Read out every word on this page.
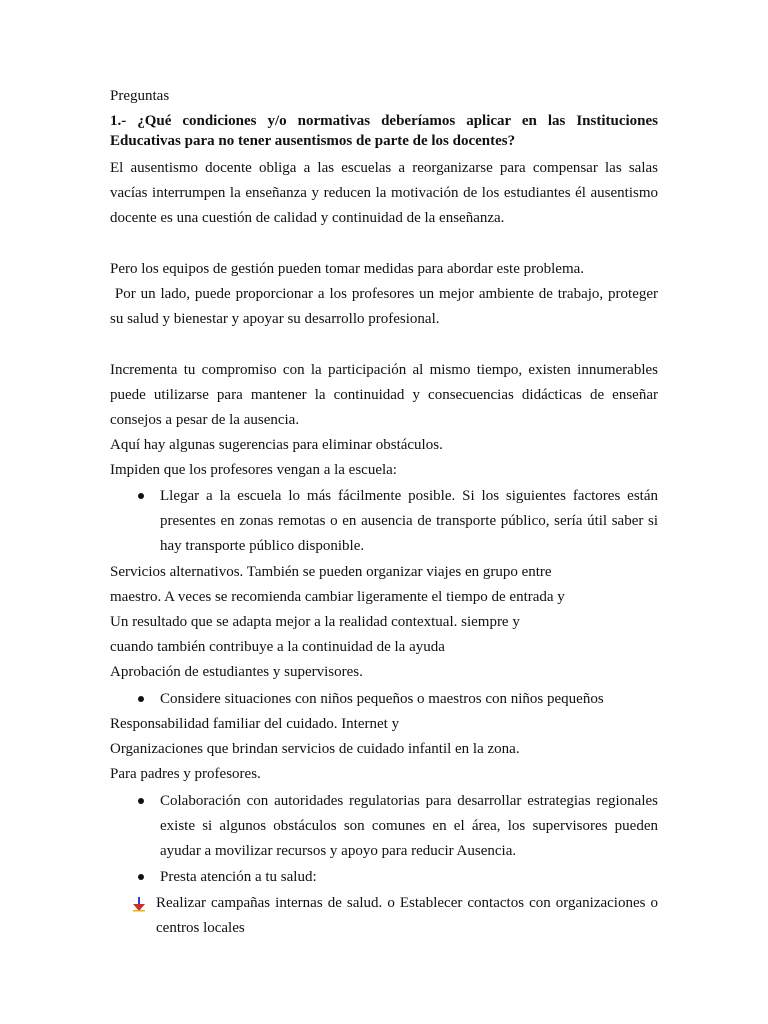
Preguntas
1.- ¿Qué condiciones y/o normativas deberíamos aplicar en las Instituciones Educativas para no tener ausentismos de parte de los docentes?
El ausentismo docente obliga a las escuelas a reorganizarse para compensar las salas vacías interrumpen la enseñanza y reducen la motivación de los estudiantes él ausentismo docente es una cuestión de calidad y continuidad de la enseñanza.
Pero los equipos de gestión pueden tomar medidas para abordar este problema.
Por un lado, puede proporcionar a los profesores un mejor ambiente de trabajo, proteger su salud y bienestar y apoyar su desarrollo profesional.
Incrementa tu compromiso con la participación al mismo tiempo, existen innumerables puede utilizarse para mantener la continuidad y consecuencias didácticas de enseñar consejos a pesar de la ausencia.
Aquí hay algunas sugerencias para eliminar obstáculos.
Impiden que los profesores vengan a la escuela:
Llegar a la escuela lo más fácilmente posible. Si los siguientes factores están presentes en zonas remotas o en ausencia de transporte público, sería útil saber si hay transporte público disponible.
Servicios alternativos. También se pueden organizar viajes en grupo entre
maestro. A veces se recomienda cambiar ligeramente el tiempo de entrada y
Un resultado que se adapta mejor a la realidad contextual. siempre y
cuando también contribuye a la continuidad de la ayuda
Aprobación de estudiantes y supervisores.
Considere situaciones con niños pequeños o maestros con niños pequeños
Responsabilidad familiar del cuidado. Internet y
Organizaciones que brindan servicios de cuidado infantil en la zona.
Para padres y profesores.
Colaboración con autoridades regulatorias para desarrollar estrategias regionales existe si algunos obstáculos son comunes en el área, los supervisores pueden ayudar a movilizar recursos y apoyo para reducir Ausencia.
Presta atención a tu salud:
Realizar campañas internas de salud. o Establecer contactos con organizaciones o centros locales
